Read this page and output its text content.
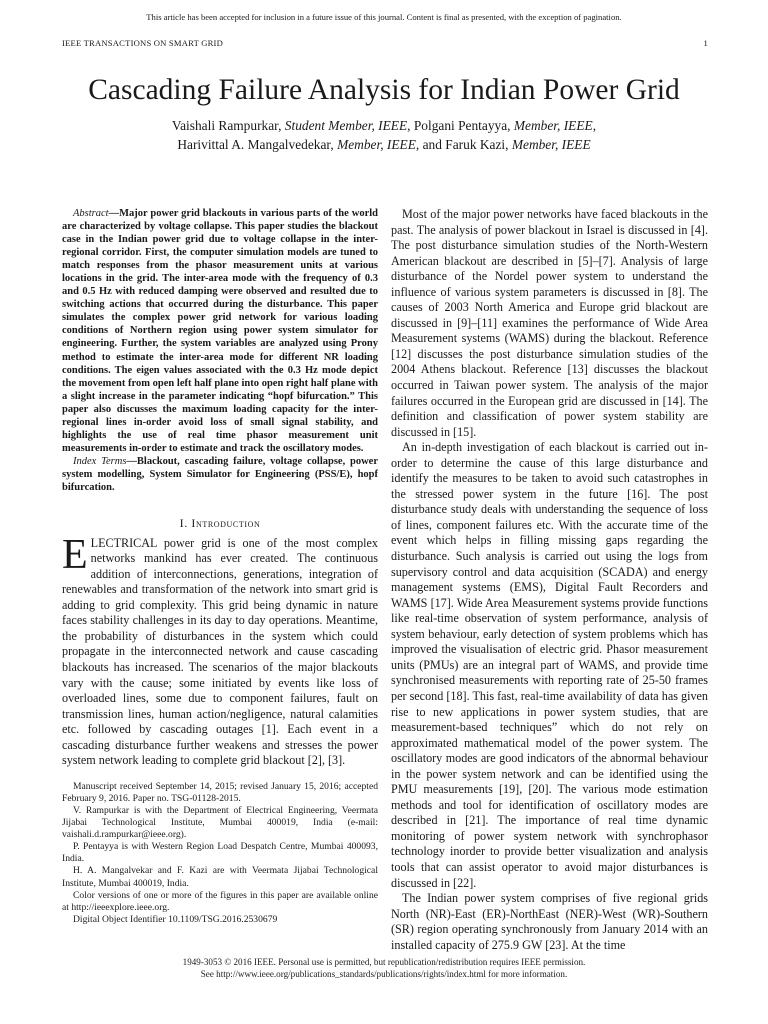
This article has been accepted for inclusion in a future issue of this journal. Content is final as presented, with the exception of pagination.
IEEE TRANSACTIONS ON SMART GRID	1
Cascading Failure Analysis for Indian Power Grid
Vaishali Rampurkar, Student Member, IEEE, Polgani Pentayya, Member, IEEE,
Harivittal A. Mangalvedekar, Member, IEEE, and Faruk Kazi, Member, IEEE

Abstract—Major power grid blackouts in various parts of the world are characterized by voltage collapse. This paper studies the blackout case in the Indian power grid due to voltage collapse in the inter-regional corridor. First, the computer simulation models are tuned to match responses from the phasor measurement units at various locations in the grid. The inter-area mode with the frequency of 0.3 and 0.5 Hz with reduced damping were observed and resulted due to switching actions that occurred during the disturbance. This paper simulates the complex power grid network for various loading conditions of Northern region using power system simulator for engineering. Further, the system variables are analyzed using Prony method to estimate the inter-area mode for different NR loading conditions. The eigen values associated with the 0.3 Hz mode depict the movement from open left half plane into open right half plane with a slight increase in the parameter indicating “hopf bifurcation.” This paper also discusses the maximum loading capacity for the inter-regional lines in-order avoid loss of small signal stability, and highlights the use of real time phasor measurement unit measurements in-order to estimate and track the oscillatory modes.

Index Terms—Blackout, cascading failure, voltage collapse, power system modelling, System Simulator for Engineering (PSS/E), hopf bifurcation.

I. Introduction

ELECTRICAL power grid is one of the most complex networks mankind has ever created. The continuous addition of interconnections, generations, integration of renewables and transformation of the network into smart grid is adding to grid complexity. This grid being dynamic in nature faces stability challenges in its day to day operations. Meantime, the probability of disturbances in the system which could propagate in the interconnected network and cause cascading blackouts has increased. The scenarios of the major blackouts vary with the cause; some initiated by events like loss of overloaded lines, some due to component failures, fault on transmission lines, human action/negligence, natural calamities etc. followed by cascading outages [1]. Each event in a cascading disturbance further weakens and stresses the power system network leading to complete grid blackout [2], [3].

Manuscript received September 14, 2015; revised January 15, 2016; accepted February 9, 2016. Paper no. TSG-01128-2015.

V. Rampurkar is with the Department of Electrical Engineering, Veermata Jijabai Technological Institute, Mumbai 400019, India (e-mail: vaishali.d.rampurkar@ieee.org).

P. Pentayya is with Western Region Load Despatch Centre, Mumbai 400093, India.

H. A. Mangalvekar and F. Kazi are with Veermata Jijabai Technological Institute, Mumbai 400019, India.

Color versions of one or more of the figures in this paper are available online at http://ieeexplore.ieee.org.

Digital Object Identifier 10.1109/TSG.2016.2530679

Most of the major power networks have faced blackouts in the past. The analysis of power blackout in Israel is discussed in [4]. The post disturbance simulation studies of the North-Western American blackout are described in [5]–[7]. Analysis of large disturbance of the Nordel power system to understand the influence of various system parameters is discussed in [8]. The causes of 2003 North America and Europe grid blackout are discussed in [9]–[11] examines the performance of Wide Area Measurement systems (WAMS) during the blackout. Reference [12] discusses the post disturbance simulation studies of the 2004 Athens blackout. Reference [13] discusses the blackout occurred in Taiwan power system. The analysis of the major failures occurred in the European grid are discussed in [14]. The definition and classification of power system stability are discussed in [15].

An in-depth investigation of each blackout is carried out in-order to determine the cause of this large disturbance and identify the measures to be taken to avoid such catastrophes in the stressed power system in the future [16]. The post disturbance study deals with understanding the sequence of loss of lines, component failures etc. With the accurate time of the event which helps in filling missing gaps regarding the disturbance. Such analysis is carried out using the logs from supervisory control and data acquisition (SCADA) and energy management systems (EMS), Digital Fault Recorders and WAMS [17]. Wide Area Measurement systems provide functions like real-time observation of system performance, analysis of system behaviour, early detection of system problems which has improved the visualisation of electric grid. Phasor measurement units (PMUs) are an integral part of WAMS, and provide time synchronised measurements with reporting rate of 25-50 frames per second [18]. This fast, real-time availability of data has given rise to new applications in power system studies, that are measurement-based techniques” which do not rely on approximated mathematical model of the power system. The oscillatory modes are good indicators of the abnormal behaviour in the power system network and can be identified using the PMU measurements [19], [20]. The various mode estimation methods and tool for identification of oscillatory modes are described in [21]. The importance of real time dynamic monitoring of power system network with synchrophasor technology inorder to provide better visualization and analysis tools that can assist operator to avoid major disturbances is discussed in [22].

The Indian power system comprises of five regional grids North (NR)-East (ER)-NorthEast (NER)-West (WR)-Southern (SR) region operating synchronously from January 2014 with an installed capacity of 275.9 GW [23]. At the time

1949-3053 © 2016 IEEE. Personal use is permitted, but republication/redistribution requires IEEE permission.
See http://www.ieee.org/publications_standards/publications/rights/index.html for more information.
